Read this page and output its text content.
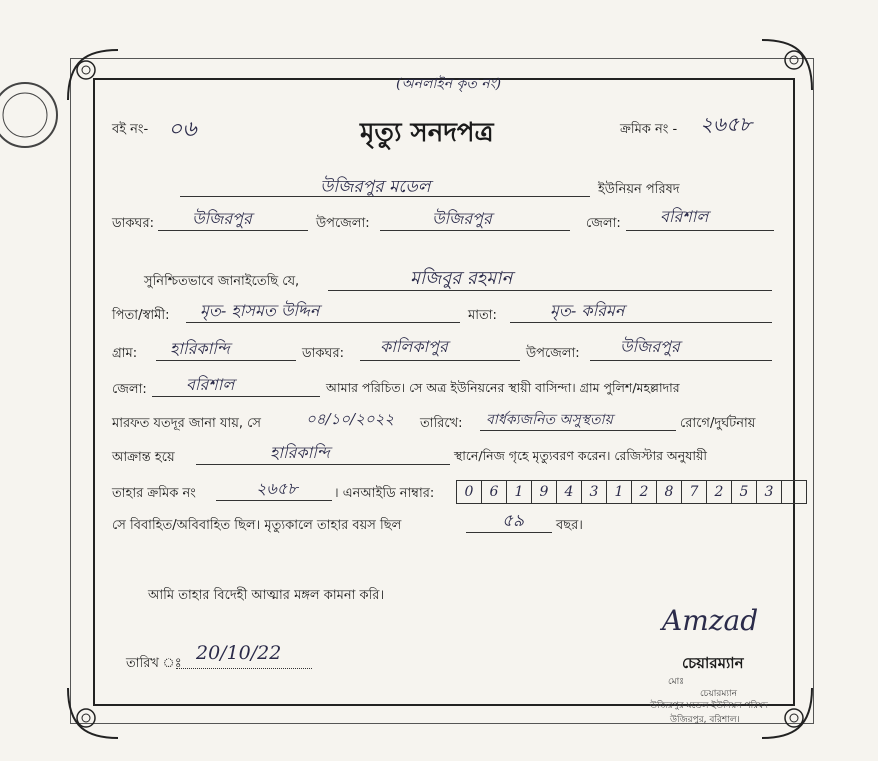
(অনলাইন কৃত নং)
বই নং- ০৬	মৃত্যু সনদপত্র	ক্রমিক নং - ২৬৫৮
উজিরপুর মডেল	ইউনিয়ন পরিষদ
ডাকঘর: উজিরপুর	উপজেলা:	উজিরপুর	জেলা: বরিশাল
সুনিশ্চিতভাবে জানাইতেছি যে,	মজিবুর রহমান
পিতা/স্বামী: মৃত- হাসমত উদ্দিন	মাতা:	মৃত- করিমন
গ্রাম: হারিকান্দি	ডাকঘর: কালিকাপুর	উপজেলা:	উজিরপুর
জেলা: বরিশাল	আমার পরিচিত। সে অত্র ইউনিয়নের স্থায়ী বাসিন্দা। গ্রাম পুলিশ/মহল্লাদার
মারফত যতদূর জানা যায়, সে	০৪/১০/২০২২ তারিখে: বার্ধক্যজনিত অসুস্থতায়	রোগে/দুর্ঘটনায়
আক্রান্ত হয়ে	হারিকান্দি	স্থানে/নিজ গৃহে মৃত্যুবরণ করেন। রেজিস্টার অনুযায়ী
তাহার ক্রমিক নং	২৬৫৮	। এনআইডি নাম্বার:	0	6	1	9	4	3	1	2	8	7	2	5	3
সে বিবাহিত/অবিবাহিত ছিল। মৃত্যুকালে তাহার বয়স ছিল	৫৯ বছর।
আমি তাহার বিদেহী আত্মার মঙ্গল কামনা করি।
তারিখ ঃ 20/10/22
Amzad
চেয়ারম্যান
মোঃ
চেয়ারম্যান
উজিরপুর মডেল ইউনিয়ন পরিষদ
উজিরপুর, বরিশাল।
